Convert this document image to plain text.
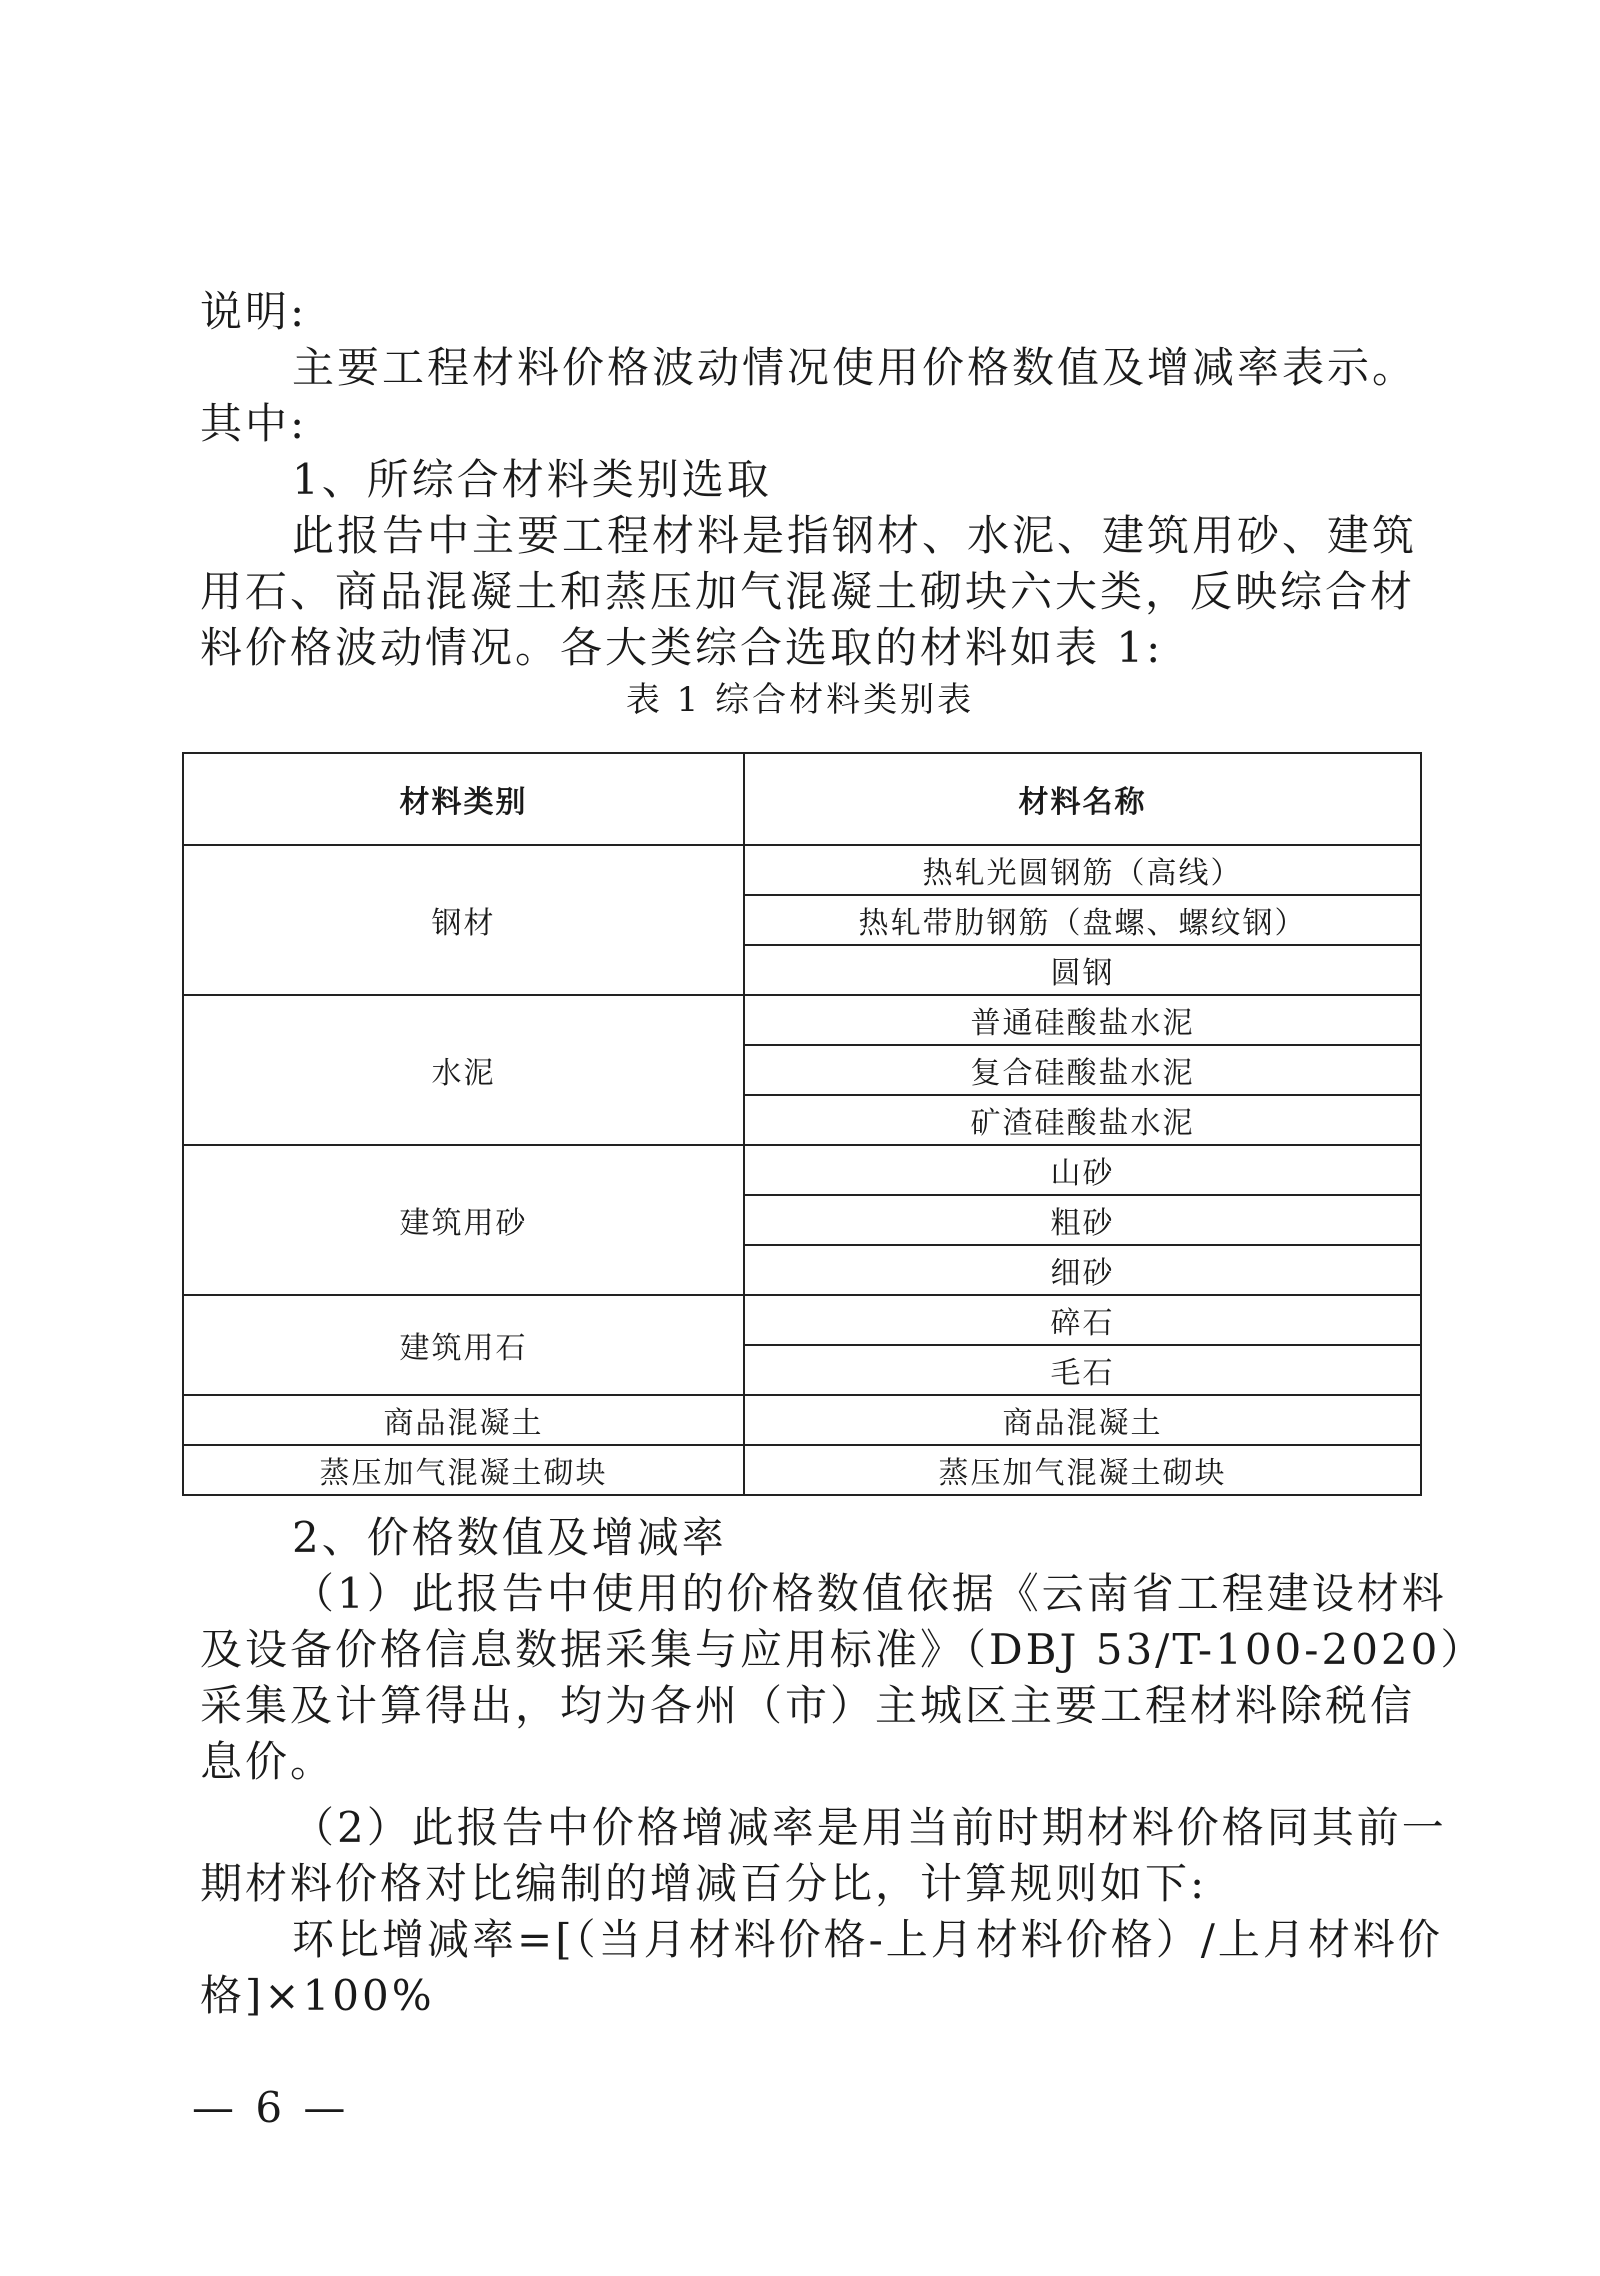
说明:
主要工程材料价格波动情况使用价格数值及增减率表示。
其中:
1、所综合材料类别选取
此报告中主要工程材料是指钢材、水泥、建筑用砂、建筑
用石、商品混凝土和蒸压加气混凝土砌块六大类，反映综合材
料价格波动情况。各大类综合选取的材料如表 1:
表 1 综合材料类别表
材料类别	材料名称
钢材	热轧光圆钢筋（高线）
	热轧带肋钢筋（盘螺、螺纹钢）
	圆钢
水泥	普通硅酸盐水泥
	复合硅酸盐水泥
	矿渣硅酸盐水泥
建筑用砂	山砂
	粗砂
	细砂
建筑用石	碎石
	毛石
商品混凝土	商品混凝土
蒸压加气混凝土砌块	蒸压加气混凝土砌块
2、价格数值及增减率
（1）此报告中使用的价格数值依据《云南省工程建设材料
及设备价格信息数据采集与应用标准》（DBJ 53/T-100-2020）
采集及计算得出，均为各州（市）主城区主要工程材料除税信
息价。
（2）此报告中价格增减率是用当前时期材料价格同其前一
期材料价格对比编制的增减百分比，计算规则如下:
环比增减率=[（当月材料价格-上月材料价格）/上月材料价
格]×100%
— 6 —
